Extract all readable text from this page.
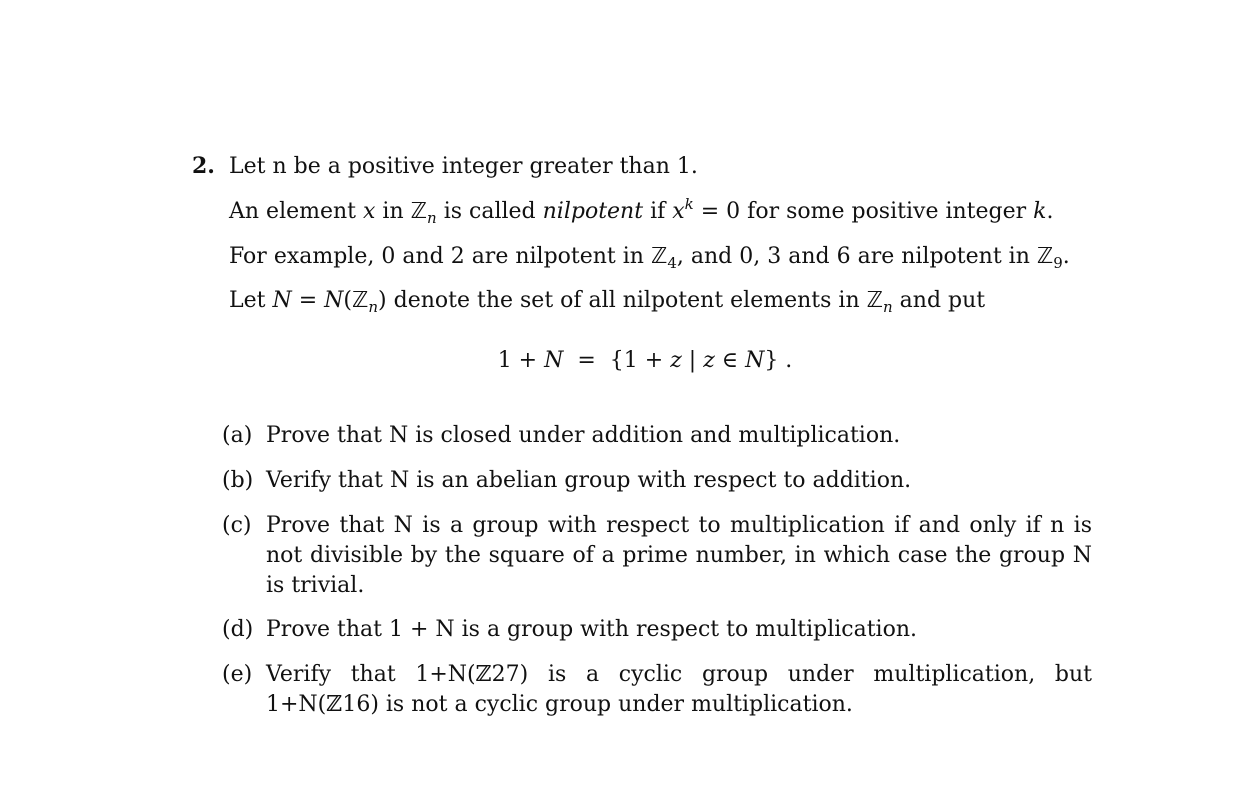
2. Let n be a positive integer greater than 1.
An element x in ℤ$_n$ is called nilpotent if $x^k = 0$ for some positive integer k.
For example, 0 and 2 are nilpotent in ℤ$_4$, and 0, 3 and 6 are nilpotent in ℤ$_9$.
Let N = N(ℤ$_n$) denote the set of all nilpotent elements in ℤ$_n$ and put
1 + N  =  {1 + z | z ∈ N} .
(a) Prove that N is closed under addition and multiplication.
(b) Verify that N is an abelian group with respect to addition.
(c) Prove that N is a group with respect to multiplication if and only if n is not divisible by the square of a prime number, in which case the group N is trivial.
(d) Prove that 1 + N is a group with respect to multiplication.
(e) Verify that 1+N(ℤ27) is a cyclic group under multiplication, but 1+N(ℤ16) is not a cyclic group under multiplication.
